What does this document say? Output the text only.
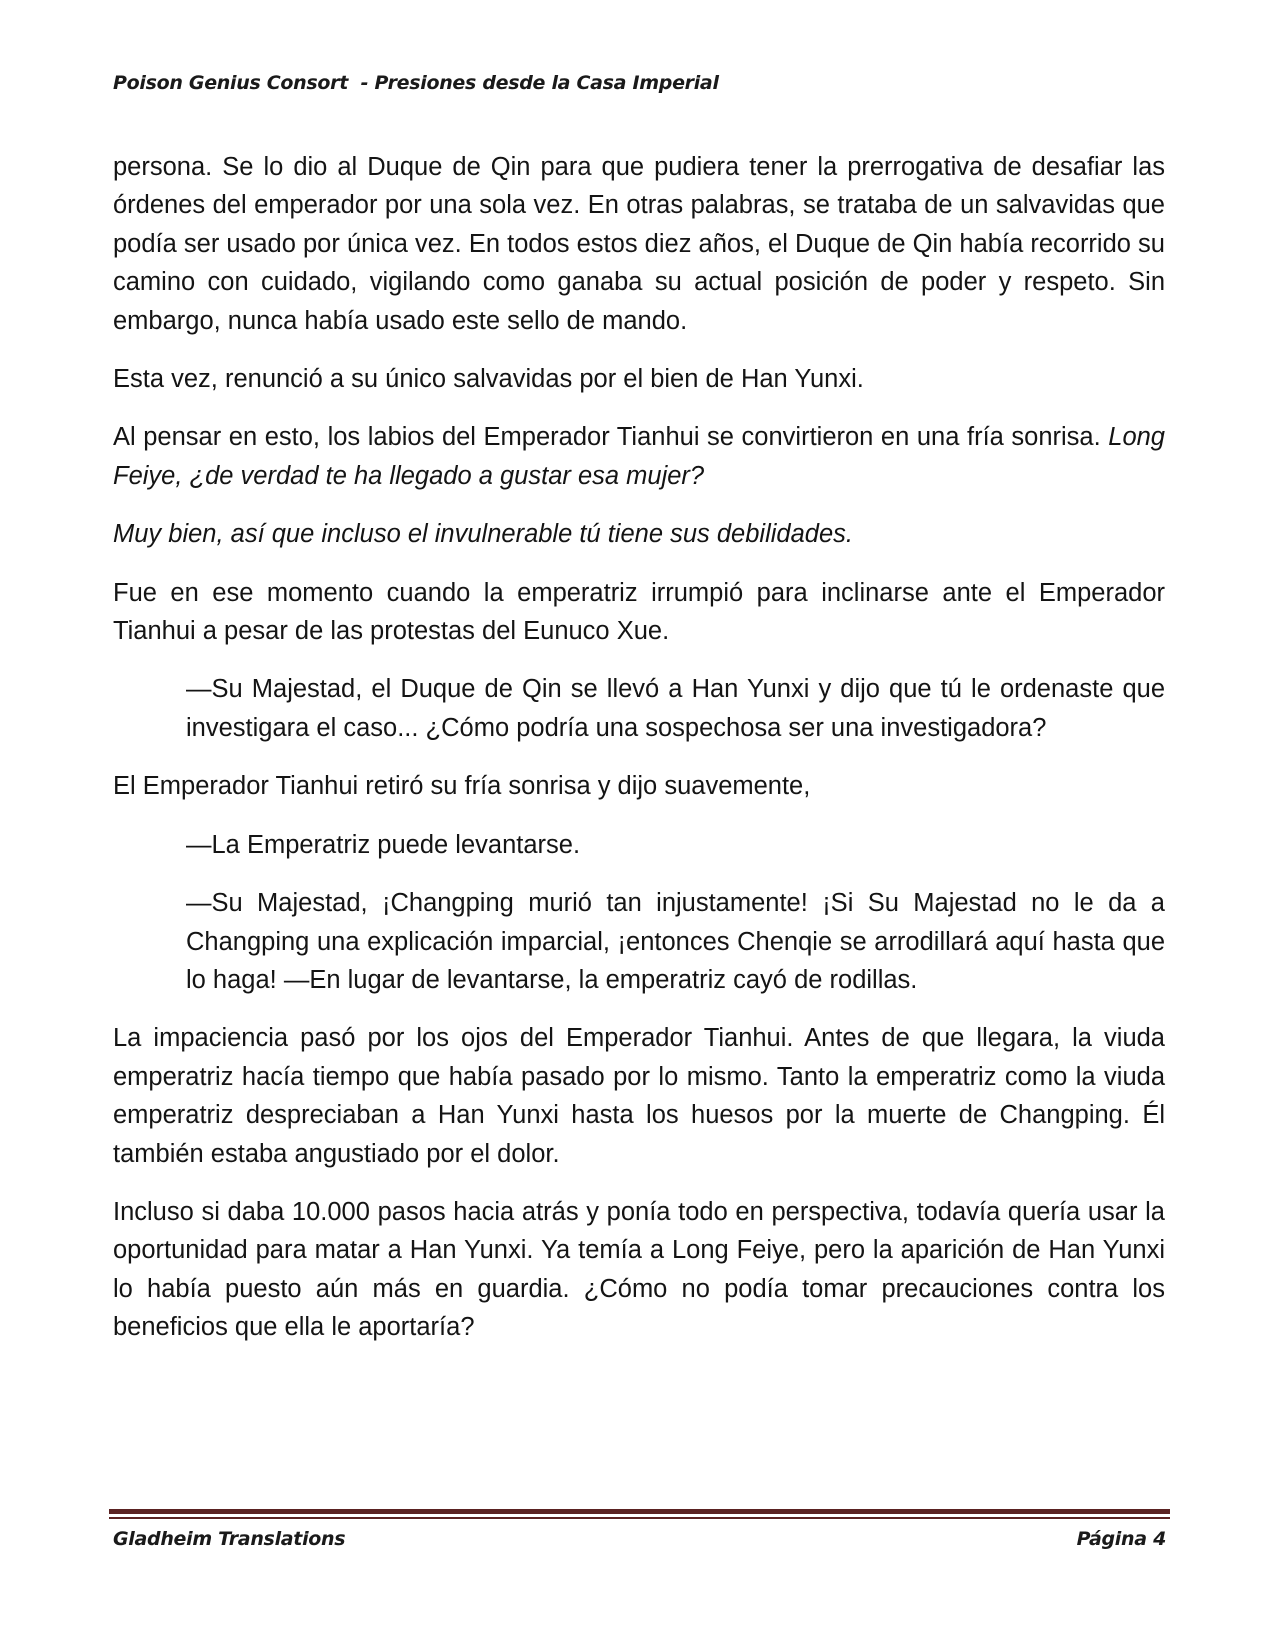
Poison Genius Consort  - Presiones desde la Casa Imperial

persona. Se lo dio al Duque de Qin para que pudiera tener la prerrogativa de desafiar las órdenes del emperador por una sola vez. En otras palabras, se trataba de un salvavidas que podía ser usado por única vez. En todos estos diez años, el Duque de Qin había recorrido su camino con cuidado, vigilando como ganaba su actual posición de poder y respeto. Sin embargo, nunca había usado este sello de mando.

Esta vez, renunció a su único salvavidas por el bien de Han Yunxi.

Al pensar en esto, los labios del Emperador Tianhui se convirtieron en una fría sonrisa. Long Feiye, ¿de verdad te ha llegado a gustar esa mujer?

Muy bien, así que incluso el invulnerable tú tiene sus debilidades.

Fue en ese momento cuando la emperatriz irrumpió para inclinarse ante el Emperador Tianhui a pesar de las protestas del Eunuco Xue.

—Su Majestad, el Duque de Qin se llevó a Han Yunxi y dijo que tú le ordenaste que investigara el caso... ¿Cómo podría una sospechosa ser una investigadora?

El Emperador Tianhui retiró su fría sonrisa y dijo suavemente,

—La Emperatriz puede levantarse.

—Su Majestad, ¡Changping murió tan injustamente! ¡Si Su Majestad no le da a Changping una explicación imparcial, ¡entonces Chenqie se arrodillará aquí hasta que lo haga! —En lugar de levantarse, la emperatriz cayó de rodillas.

La impaciencia pasó por los ojos del Emperador Tianhui. Antes de que llegara, la viuda emperatriz hacía tiempo que había pasado por lo mismo. Tanto la emperatriz como la viuda emperatriz despreciaban a Han Yunxi hasta los huesos por la muerte de Changping. Él también estaba angustiado por el dolor.

Incluso si daba 10.000 pasos hacia atrás y ponía todo en perspectiva, todavía quería usar la oportunidad para matar a Han Yunxi. Ya temía a Long Feiye, pero la aparición de Han Yunxi lo había puesto aún más en guardia. ¿Cómo no podía tomar precauciones contra los beneficios que ella le aportaría?

Gladheim Translations	Página 4
